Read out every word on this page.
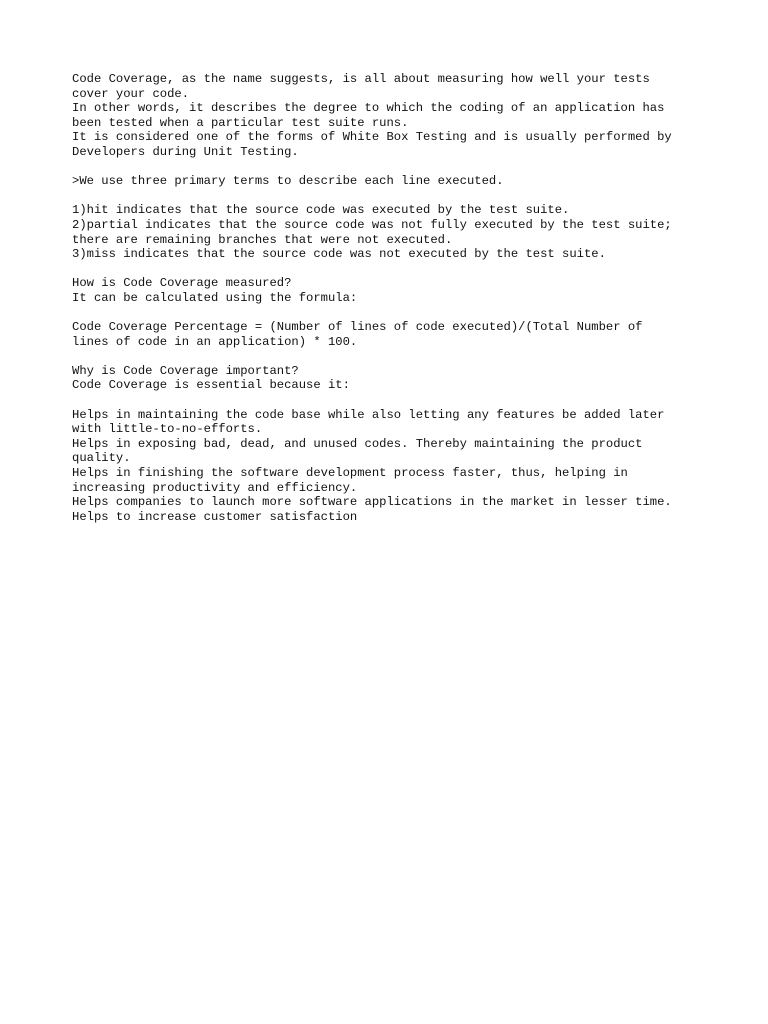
Code Coverage, as the name suggests, is all about measuring how well your tests
cover your code.
In other words, it describes the degree to which the coding of an application has
been tested when a particular test suite runs.
It is considered one of the forms of White Box Testing and is usually performed by
Developers during Unit Testing.
>We use three primary terms to describe each line executed.
1)hit indicates that the source code was executed by the test suite.
2)partial indicates that the source code was not fully executed by the test suite;
there are remaining branches that were not executed.
3)miss indicates that the source code was not executed by the test suite.
How is Code Coverage measured?
It can be calculated using the formula:
Code Coverage Percentage = (Number of lines of code executed)/(Total Number of
lines of code in an application) * 100.
Why is Code Coverage important?
Code Coverage is essential because it:
Helps in maintaining the code base while also letting any features be added later
with little-to-no-efforts.
Helps in exposing bad, dead, and unused codes. Thereby maintaining the product
quality.
Helps in finishing the software development process faster, thus, helping in
increasing productivity and efficiency.
Helps companies to launch more software applications in the market in lesser time.
Helps to increase customer satisfaction
